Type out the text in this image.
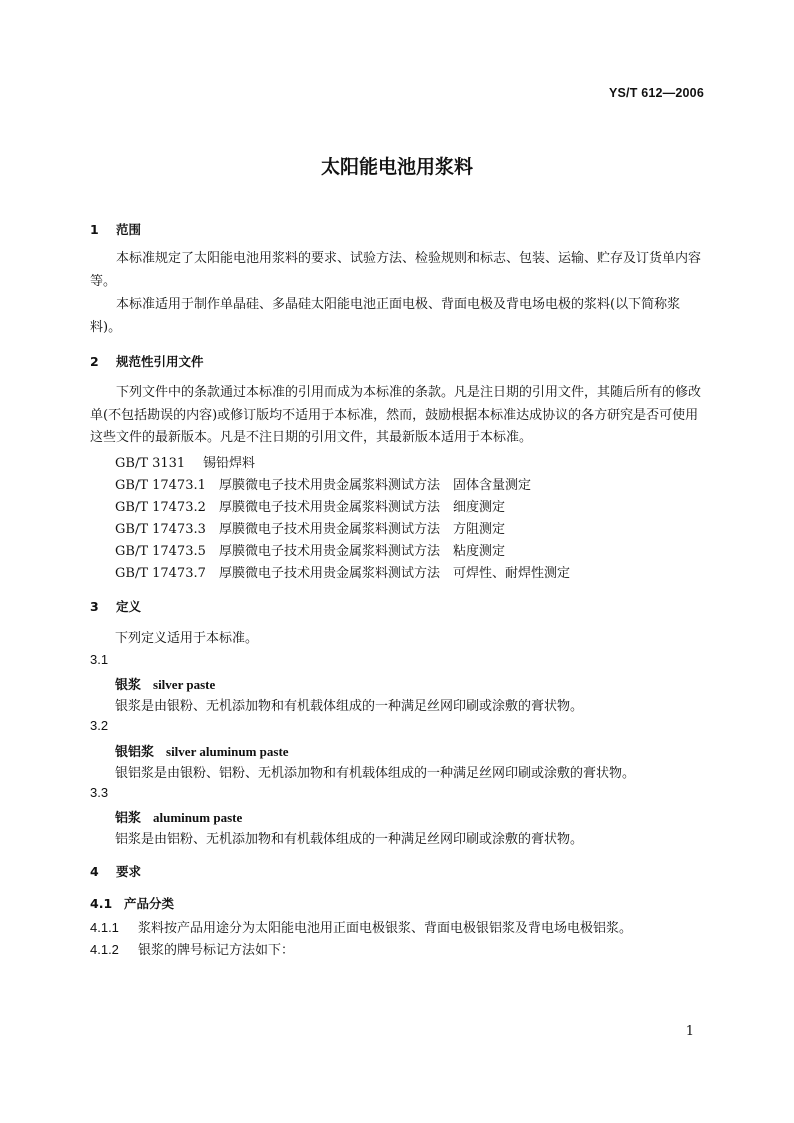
YS/T 612—2006
太阳能电池用浆料
1 范围
本标准规定了太阳能电池用浆料的要求、试验方法、检验规则和标志、包装、运输、贮存及订货单内容等。
本标准适用于制作单晶硅、多晶硅太阳能电池正面电极、背面电极及背电场电极的浆料(以下简称浆料)。
2 规范性引用文件
下列文件中的条款通过本标准的引用而成为本标准的条款。凡是注日期的引用文件，其随后所有的修改单(不包括勘误的内容)或修订版均不适用于本标准，然而，鼓励根据本标准达成协议的各方研究是否可使用这些文件的最新版本。凡是不注日期的引用文件，其最新版本适用于本标准。
GB/T 3131 锡铅焊料
GB/T 17473.1 厚膜微电子技术用贵金属浆料测试方法　固体含量测定
GB/T 17473.2 厚膜微电子技术用贵金属浆料测试方法　细度测定
GB/T 17473.3 厚膜微电子技术用贵金属浆料测试方法　方阻测定
GB/T 17473.5 厚膜微电子技术用贵金属浆料测试方法　粘度测定
GB/T 17473.7 厚膜微电子技术用贵金属浆料测试方法　可焊性、耐焊性测定
3 定义
下列定义适用于本标准。
3.1
银浆 silver paste
银浆是由银粉、无机添加物和有机载体组成的一种满足丝网印刷或涂敷的膏状物。
3.2
银铝浆 silver aluminum paste
银铝浆是由银粉、铝粉、无机添加物和有机载体组成的一种满足丝网印刷或涂敷的膏状物。
3.3
铝浆 aluminum paste
铝浆是由铝粉、无机添加物和有机载体组成的一种满足丝网印刷或涂敷的膏状物。
4 要求
4.1 产品分类
4.1.1 浆料按产品用途分为太阳能电池用正面电极银浆、背面电极银铝浆及背电场电极铝浆。
4.1.2 银浆的牌号标记方法如下：
1
